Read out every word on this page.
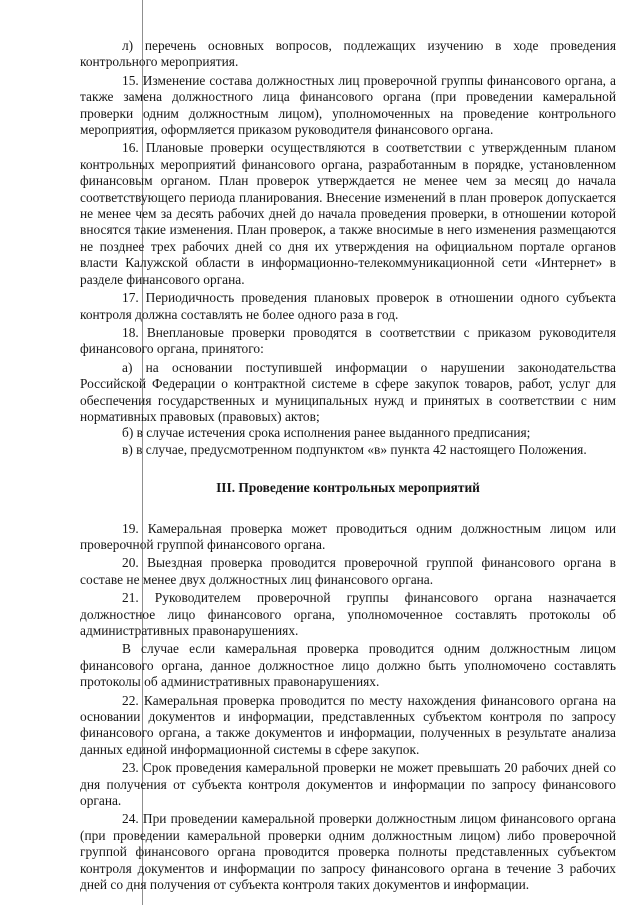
л) перечень основных вопросов, подлежащих изучению в ходе проведения контрольного мероприятия.

15. Изменение состава должностных лиц проверочной группы финансового органа, а также замена должностного лица финансового органа (при проведении камеральной проверки одним должностным лицом), уполномоченных на проведение контрольного мероприятия, оформляется приказом руководителя финансового органа.

16. Плановые проверки осуществляются в соответствии с утвержденным планом контрольных мероприятий финансового органа, разработанным в порядке, установленном финансовым органом. План проверок утверждается не менее чем за месяц до начала соответствующего периода планирования. Внесение изменений в план проверок допускается не менее чем за десять рабочих дней до начала проведения проверки, в отношении которой вносятся такие изменения. План проверок, а также вносимые в него изменения размещаются не позднее трех рабочих дней со дня их утверждения на официальном портале органов власти Калужской области в информационно-телекоммуникационной сети «Интернет» в разделе финансового органа.

17. Периодичность проведения плановых проверок в отношении одного субъекта контроля должна составлять не более одного раза в год.

18. Внеплановые проверки проводятся в соответствии с приказом руководителя финансового органа, принятого:

а) на основании поступившей информации о нарушении законодательства Российской Федерации о контрактной системе в сфере закупок товаров, работ, услуг для обеспечения государственных и муниципальных нужд и принятых в соответствии с ним нормативных правовых (правовых) актов;

б) в случае истечения срока исполнения ранее выданного предписания;

в) в случае, предусмотренном подпунктом «в» пункта 42 настоящего Положения.

III. Проведение контрольных мероприятий

19. Камеральная проверка может проводиться одним должностным лицом или проверочной группой финансового органа.

20. Выездная проверка проводится проверочной группой финансового органа в составе не менее двух должностных лиц финансового органа.

21. Руководителем проверочной группы финансового органа назначается должностное лицо финансового органа, уполномоченное составлять протоколы об административных правонарушениях.

В случае если камеральная проверка проводится одним должностным лицом финансового органа, данное должностное лицо должно быть уполномочено составлять протоколы об административных правонарушениях.

22. Камеральная проверка проводится по месту нахождения финансового органа на основании документов и информации, представленных субъектом контроля по запросу финансового органа, а также документов и информации, полученных в результате анализа данных единой информационной системы в сфере закупок.

23. Срок проведения камеральной проверки не может превышать 20 рабочих дней со дня получения от субъекта контроля документов и информации по запросу финансового органа.

24. При проведении камеральной проверки должностным лицом финансового органа (при проведении камеральной проверки одним должностным лицом) либо проверочной группой финансового органа проводится проверка полноты представленных субъектом контроля документов и информации по запросу финансового органа в течение 3 рабочих дней со дня получения от субъекта контроля таких документов и информации.
